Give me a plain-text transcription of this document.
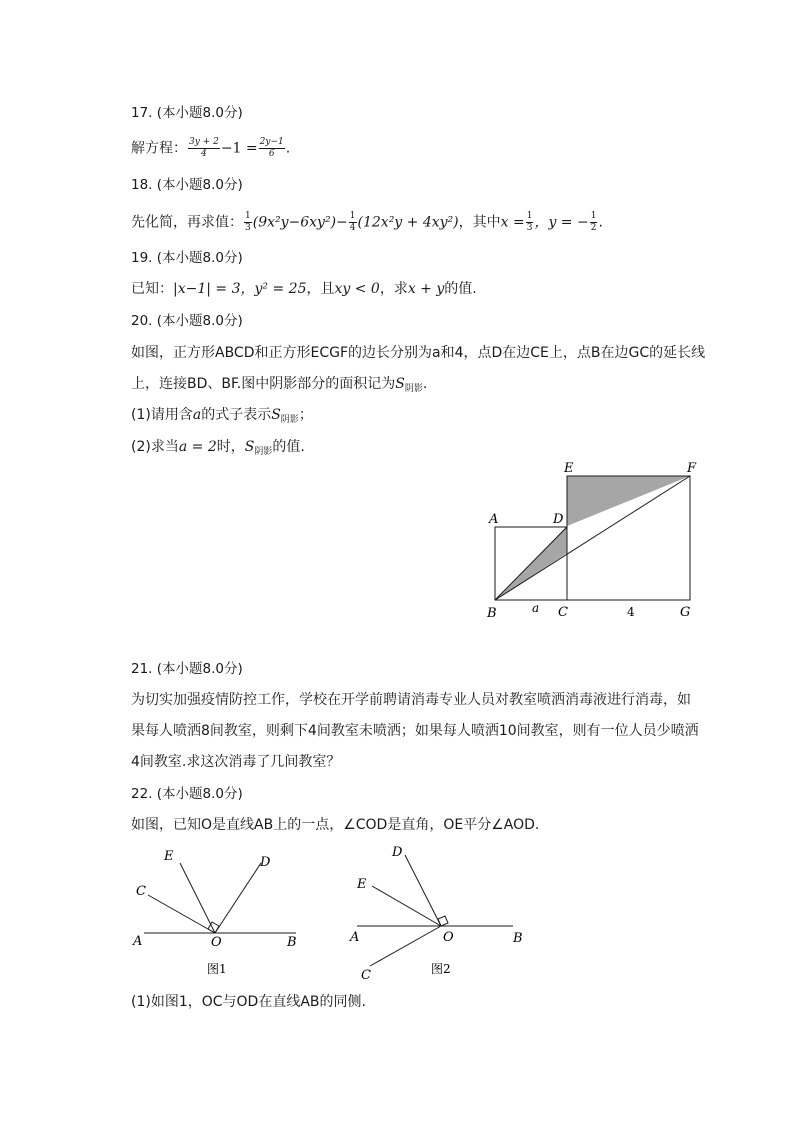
17. (本小题8.0分)
解方程： $\frac{3y + 2}{4} -1 = \frac{2y-1}{6}$ .
18. (本小题8.0分)
先化简，再求值： $\frac{1}{3} (9x^2y-6xy^2)- \frac{1}{4} (12x^2y + 4xy^2)$，其中$x = \frac{1}{3}$ ，y = − $\frac{1}{2}$ .
19. (本小题8.0分)
已知：|x−1| = 3，y² = 25，且xy < 0，求x + y的值.
20. (本小题8.0分)
如图，正方形ABCD和正方形ECGF的边长分别为a和4，点D在边CE上，点B在边GC的延长线
上，连接BD、BF.图中阴影部分的面积记为$S_{阴影}$.
(1)请用含a的式子表示$S_{阴影}$；
(2)求当a = 2时，$S_{阴影}$的值.
E	F
A	D
B	C	G
a	4
21. (本小题8.0分)
为切实加强疫情防控工作，学校在开学前聘请消毒专业人员对教室喷洒消毒液进行消毒，如
果每人喷洒8间教室，则剩下4间教室未喷洒；如果每人喷洒10间教室，则有一位人员少喷洒
4间教室.求这次消毒了几间教室？
22. (本小题8.0分)
如图，已知O是直线AB上的一点，∠COD是直角，OE平分∠AOD.
E	D
C
A	O	B
图1
D
E
A	O	B
C	图2
(1)如图1，OC与OD在直线AB的同侧.
